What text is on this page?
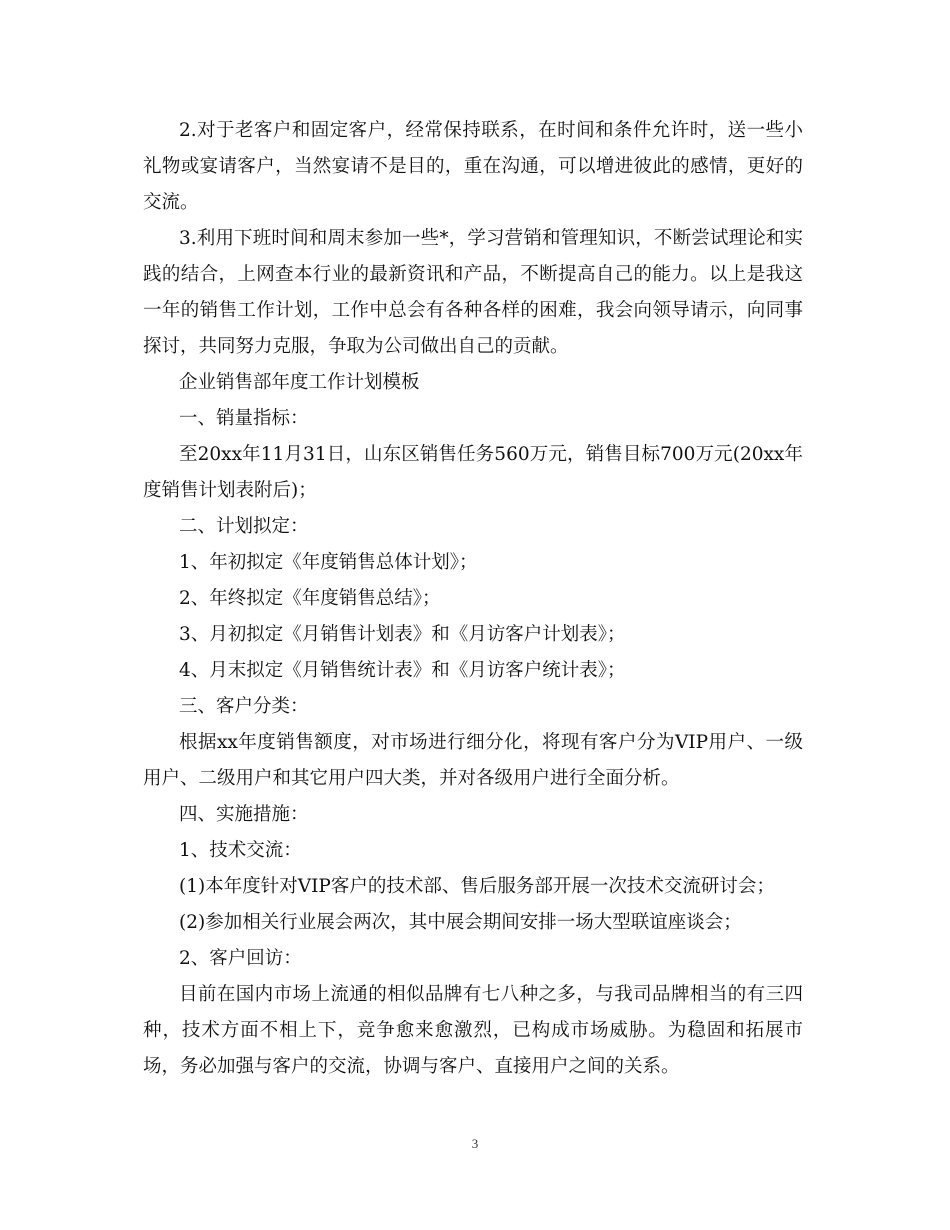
2.对于老客户和固定客户，经常保持联系，在时间和条件允许时，送一些小礼物或宴请客户，当然宴请不是目的，重在沟通，可以增进彼此的感情，更好的交流。

3.利用下班时间和周末参加一些*，学习营销和管理知识，不断尝试理论和实践的结合，上网查本行业的最新资讯和产品，不断提高自己的能力。以上是我这一年的销售工作计划，工作中总会有各种各样的困难，我会向领导请示，向同事探讨，共同努力克服，争取为公司做出自己的贡献。

企业销售部年度工作计划模板

一、销量指标：

至20xx年11月31日，山东区销售任务560万元，销售目标700万元(20xx年度销售计划表附后)；

二、计划拟定：

1、年初拟定《年度销售总体计划》；

2、年终拟定《年度销售总结》；

3、月初拟定《月销售计划表》和《月访客户计划表》；

4、月末拟定《月销售统计表》和《月访客户统计表》；

三、客户分类：

根据xx年度销售额度，对市场进行细分化，将现有客户分为VIP用户、一级用户、二级用户和其它用户四大类，并对各级用户进行全面分析。

四、实施措施：

1、技术交流：

(1)本年度针对VIP客户的技术部、售后服务部开展一次技术交流研讨会；

(2)参加相关行业展会两次，其中展会期间安排一场大型联谊座谈会；

2、客户回访：

目前在国内市场上流通的相似品牌有七八种之多，与我司品牌相当的有三四种，技术方面不相上下，竞争愈来愈激烈，已构成市场威胁。为稳固和拓展市场，务必加强与客户的交流，协调与客户、直接用户之间的关系。

3
